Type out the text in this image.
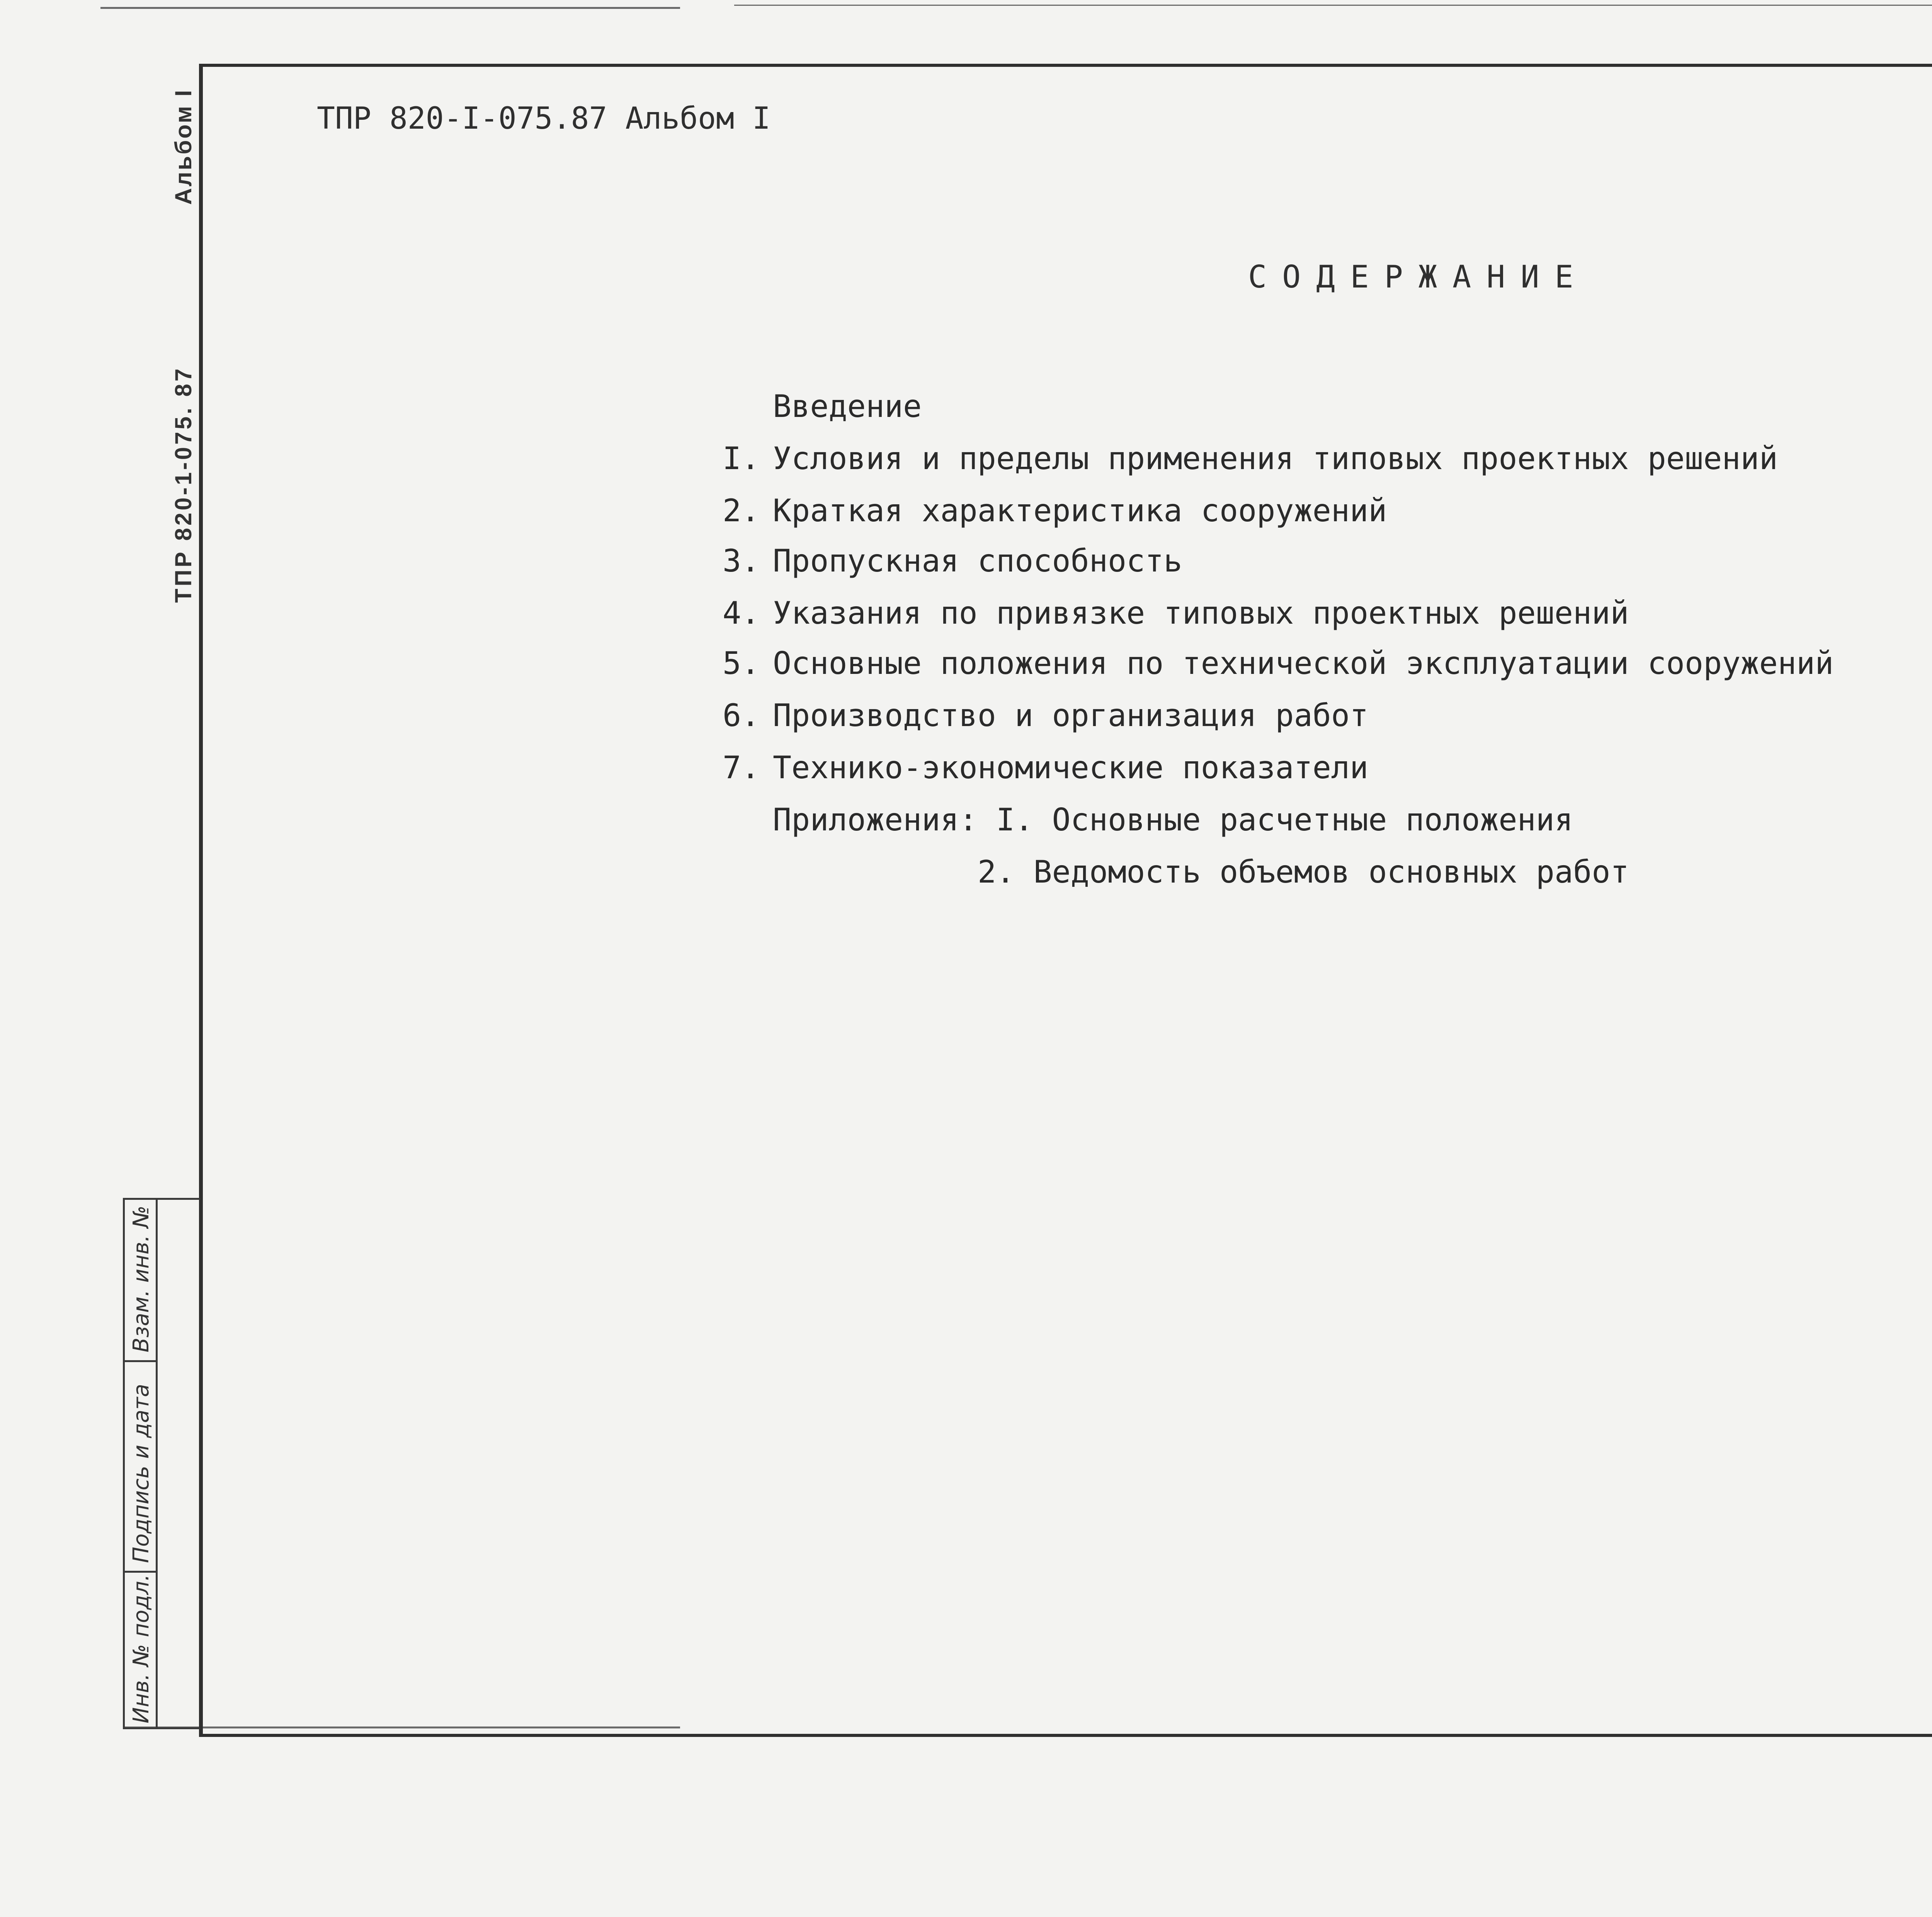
Альбом I
ТПР 820-1-075. 87
ТПР 820-I-075.87 Альбом I
СОДЕРЖАНИЕ
Введение
I. Условия и пределы применения типовых проектных решений
2. Краткая характеристика сооружений
3. Пропускная способность
4. Указания по привязке типовых проектных решений
5. Основные положения по технической эксплуатации сооружений
6. Производство и организация работ
7. Технико-экономические показатели
Приложения: I. Основные расчетные положения
2. Ведомость объемов основных работ
Взам. инв. №
Подпись и дата
Инв. № подл.
